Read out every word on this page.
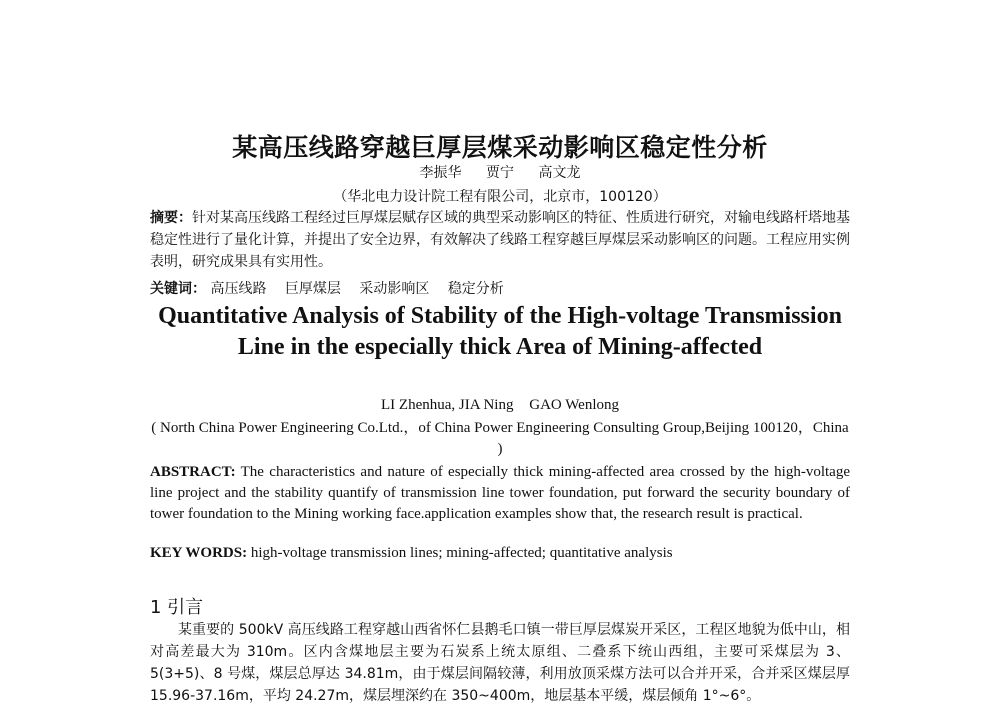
某高压线路穿越巨厚层煤采动影响区稳定性分析
李振华 贾宁 高文龙
（华北电力设计院工程有限公司，北京市，100120）
摘要：针对某高压线路工程经过巨厚煤层赋存区域的典型采动影响区的特征、性质进行研究，对输电线路杆塔地基稳定性进行了量化计算，并提出了安全边界，有效解决了线路工程穿越巨厚煤层采动影响区的问题。工程应用实例表明，研究成果具有实用性。
关键词： 高压线路 巨厚煤层 采动影响区 稳定分析
Quantitative Analysis of Stability of the High-voltage Transmission Line in the especially thick Area of Mining-affected
LI Zhenhua, JIA Ning GAO Wenlong
( North China Power Engineering Co.Ltd.，of China Power Engineering Consulting Group,Beijing 100120，China )
ABSTRACT: The characteristics and nature of especially thick mining-affected area crossed by the high-voltage line project and the stability quantify of transmission line tower foundation, put forward the security boundary of tower foundation to the Mining working face.application examples show that, the research result is practical.
KEY WORDS: high-voltage transmission lines; mining-affected; quantitative analysis
1 引言

某重要的 500kV 高压线路工程穿越山西省怀仁县鹅毛口镇一带巨厚层煤炭开采区，工程区地貌为低中山，相对高差最大为 310m。区内含煤地层主要为石炭系上统太原组、二叠系下统山西组，主要可采煤层为 3、5(3+5)、8 号煤，煤层总厚达 34.81m，由于煤层间隔较薄，利用放顶采煤方法可以合并开采，合并采区煤层厚 15.96-37.16m，平均 24.27m，煤层埋深约在 350~400m，地层基本平缓，煤层倾角 1°~6°。
